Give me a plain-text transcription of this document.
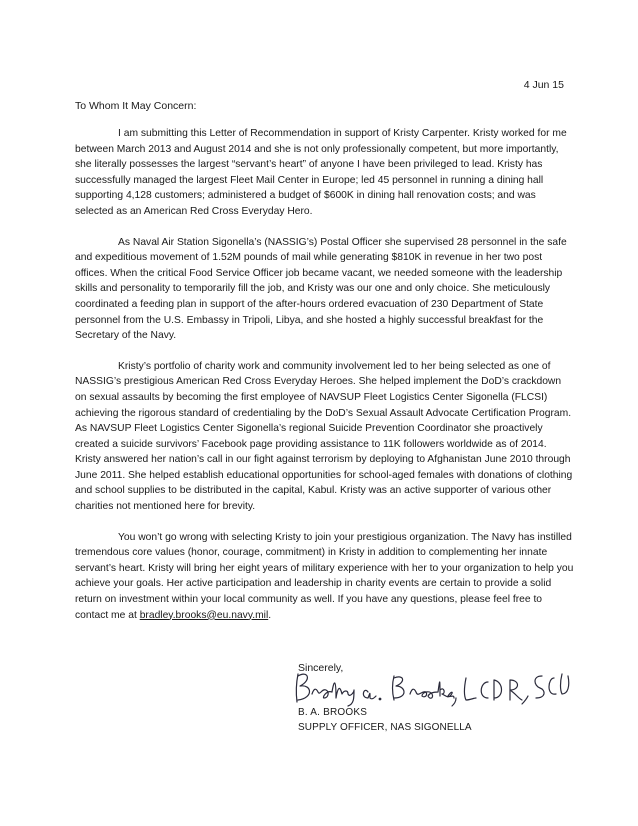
4 Jun 15
To Whom It May Concern:

I am submitting this Letter of Recommendation in support of Kristy Carpenter. Kristy worked for me between March 2013 and August 2014 and she is not only professionally competent, but more importantly, she literally possesses the largest “servant’s heart” of anyone I have been privileged to lead. Kristy has successfully managed the largest Fleet Mail Center in Europe; led 45 personnel in running a dining hall supporting 4,128 customers; administered a budget of $600K in dining hall renovation costs; and was selected as an American Red Cross Everyday Hero.

As Naval Air Station Sigonella’s (NASSIG’s) Postal Officer she supervised 28 personnel in the safe and expeditious movement of 1.52M pounds of mail while generating $810K in revenue in her two post offices. When the critical Food Service Officer job became vacant, we needed someone with the leadership skills and personality to temporarily fill the job, and Kristy was our one and only choice. She meticulously coordinated a feeding plan in support of the after-hours ordered evacuation of 230 Department of State personnel from the U.S. Embassy in Tripoli, Libya, and she hosted a highly successful breakfast for the Secretary of the Navy.

Kristy’s portfolio of charity work and community involvement led to her being selected as one of NASSIG’s prestigious American Red Cross Everyday Heroes. She helped implement the DoD’s crackdown on sexual assaults by becoming the first employee of NAVSUP Fleet Logistics Center Sigonella (FLCSI) achieving the rigorous standard of credentialing by the DoD’s Sexual Assault Advocate Certification Program. As NAVSUP Fleet Logistics Center Sigonella’s regional Suicide Prevention Coordinator she proactively created a suicide survivors’ Facebook page providing assistance to 11K followers worldwide as of 2014. Kristy answered her nation’s call in our fight against terrorism by deploying to Afghanistan June 2010 through June 2011. She helped establish educational opportunities for school-aged females with donations of clothing and school supplies to be distributed in the capital, Kabul. Kristy was an active supporter of various other charities not mentioned here for brevity.

You won’t go wrong with selecting Kristy to join your prestigious organization. The Navy has instilled tremendous core values (honor, courage, commitment) in Kristy in addition to complementing her innate servant’s heart. Kristy will bring her eight years of military experience with her to your organization to help you achieve your goals. Her active participation and leadership in charity events are certain to provide a solid return on investment within your local community as well. If you have any questions, please feel free to contact me at bradley.brooks@eu.navy.mil.

Sincerely,
B. A. BROOKS
SUPPLY OFFICER, NAS SIGONELLA
